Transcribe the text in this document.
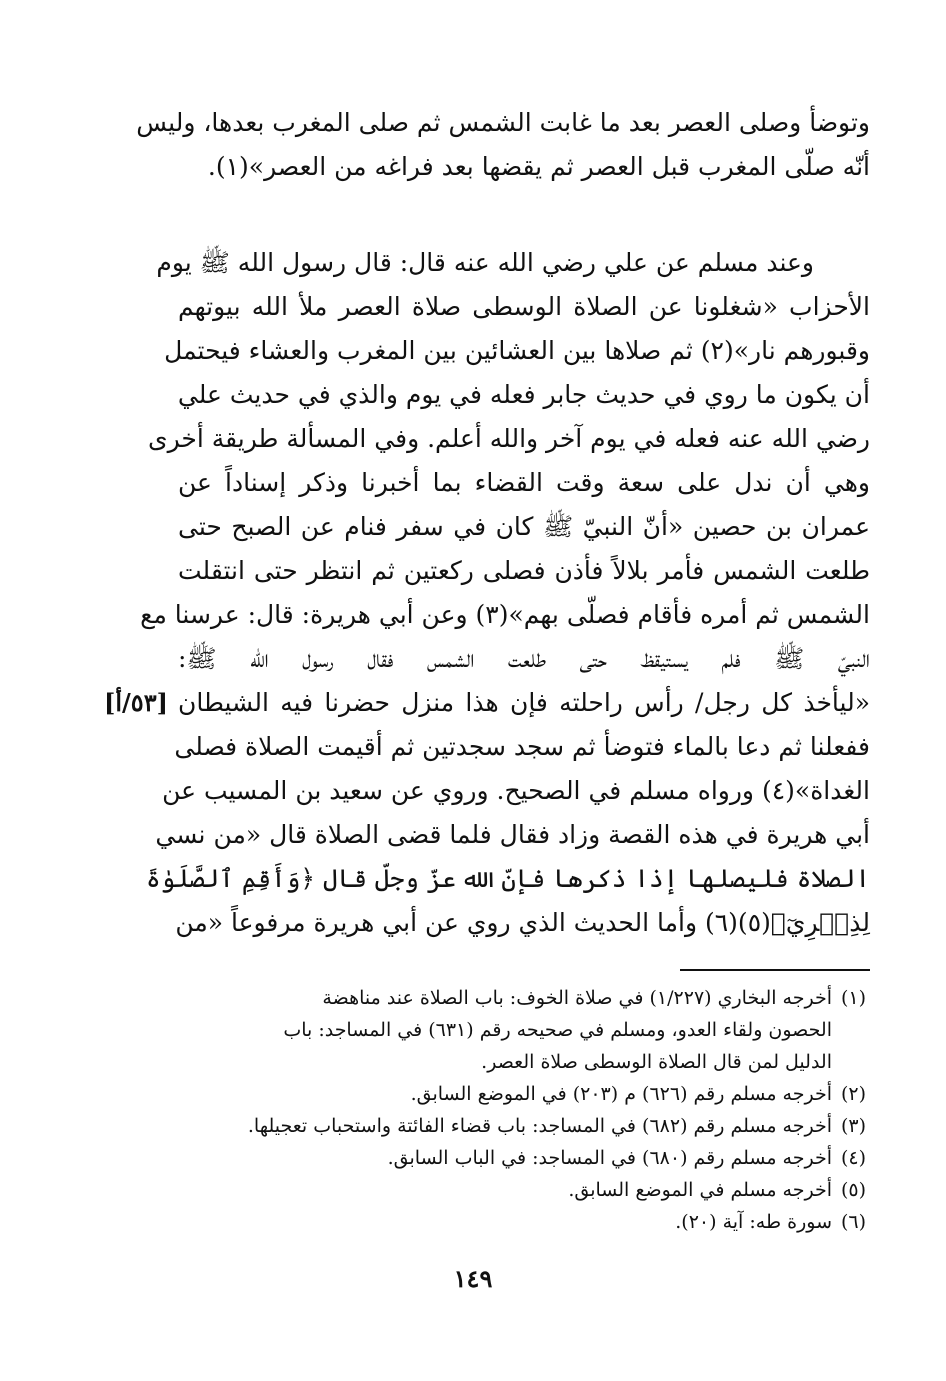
وتوضأ وصلى العصر بعد ما غابت الشمس ثم صلى المغرب بعدها، وليس
أنّه صلّى المغرب قبل العصر ثم يقضها بعد فراغه من العصر»(١).
وعند مسلم عن علي رضي الله عنه قال: قال رسول الله ﷺ يوم
الأحزاب «شغلونا عن الصلاة الوسطى صلاة العصر ملأ الله بيوتهم
وقبورهم نار»(٢) ثم صلاها بين العشائين بين المغرب والعشاء فيحتمل
أن يكون ما روي في حديث جابر فعله في يوم والذي في حديث علي
رضي الله عنه فعله في يوم آخر والله أعلم. وفي المسألة طريقة أخرى
وهي أن ندل على سعة وقت القضاء بما أخبرنا وذكر إسناداً عن
عمران بن حصين «أنّ النبيّ ﷺ كان في سفر فنام عن الصبح حتى
طلعت الشمس فأمر بلالاً فأذن فصلى ركعتين ثم انتظر حتى انتقلت
الشمس ثم أمره فأقام فصلّى بهم»(٣) وعن أبي هريرة: قال: عرسنا مع
النبيّ ﷺ فلم يستيقظ حتى طلعت الشمس فقال رسول الله ﷺ:
«ليأخذ كل رجل/ رأس راحلته فإن هذا منزل حضرنا فيه الشيطان
ففعلنا ثم دعا بالماء فتوضأ ثم سجد سجدتين ثم أقيمت الصلاة فصلى
الغداة»(٤) ورواه مسلم في الصحيح. وروي عن سعيد بن المسيب عن
أبي هريرة في هذه القصة وزاد فقال فلما قضى الصلاة قال «من نسي
الصلاة فليصلها إذا ذكرها فإنّ الله عزّ وجلّ قال ﴿وَأَقِمِ ٱلصَّلَوٰةَ
لِذِكۡرِيٓ﴾(٥)(٦) وأما الحديث الذي روي عن أبي هريرة مرفوعاً «من
[٥٣/أ]
(١)أخرجه البخاري (١/٢٢٧) في صلاة الخوف: باب الصلاة عند مناهضة
الحصون ولقاء العدو، ومسلم في صحيحه رقم (٦٣١) في المساجد: باب
الدليل لمن قال الصلاة الوسطى صلاة العصر.
(٢)أخرجه مسلم رقم (٦٢٦) م (٢٠٣) في الموضع السابق.
(٣)أخرجه مسلم رقم (٦٨٢) في المساجد: باب قضاء الفائتة واستحباب تعجيلها.
(٤)أخرجه مسلم رقم (٦٨٠) في المساجد: في الباب السابق.
(٥)أخرجه مسلم في الموضع السابق.
(٦)سورة طه: آية (٢٠).
١٤٩
